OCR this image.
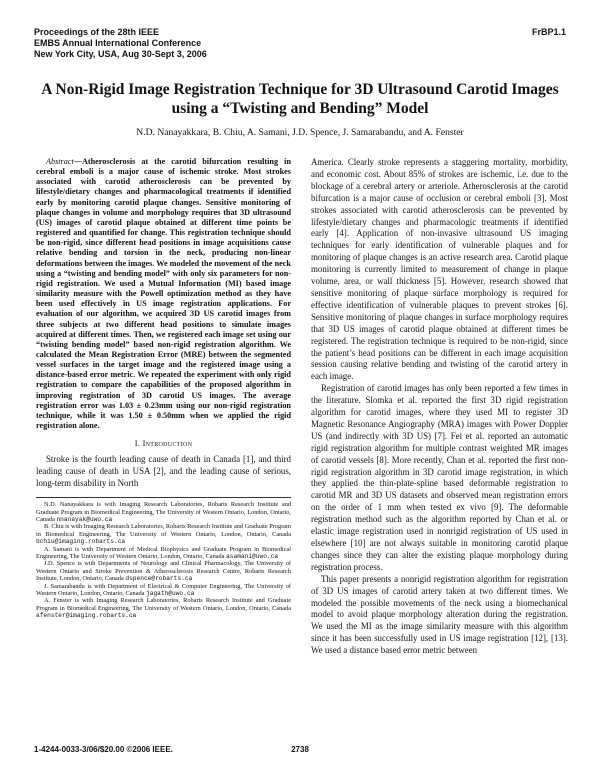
Proceedings of the 28th IEEE
EMBS Annual International Conference
New York City, USA, Aug 30-Sept 3, 2006
FrBP1.1
A Non-Rigid Image Registration Technique for 3D Ultrasound Carotid Images using a “Twisting and Bending” Model
N.D. Nanayakkara, B. Chiu, A. Samani, J.D. Spence, J. Samarabandu, and A. Fenster

Abstract—Atherosclerosis at the carotid bifurcation resulting in cerebral emboli is a major cause of ischemic stroke. Most strokes associated with carotid atherosclerosis can be prevented by lifestyle/dietary changes and pharmacological treatments if identified early by monitoring carotid plaque changes. Sensitive monitoring of plaque changes in volume and morphology requires that 3D ultrasound (US) images of carotid plaque obtained at different time points be registered and quantified for change. This registration technique should be non-rigid, since different head positions in image acquisitions cause relative bending and torsion in the neck, producing non-linear deformations between the images. We modeled the movement of the neck using a “twisting and bending model” with only six parameters for non-rigid registration. We used a Mutual Information (MI) based image similarity measure with the Powell optimization method as they have been used effectively in US image registration applications. For evaluation of our algorithm, we acquired 3D US carotid images from three subjects at two different head positions to simulate images acquired at different times. Then, we registered each image set using our “twisting bending model” based non-rigid registration algorithm. We calculated the Mean Registration Error (MRE) between the segmented vessel surfaces in the target image and the registered image using a distance-based error metric. We repeated the experiment with only rigid registration to compare the capabilities of the proposed algorithm in improving registration of 3D carotid US images. The average registration error was 1.03 ± 0.23mm using our non-rigid registration technique, while it was 1.50 ± 0.50mm when we applied the rigid registration alone.

I. Introduction

Stroke is the fourth leading cause of death in Canada [1], and third leading cause of death in USA [2], and the leading cause of serious, long-term disability in North

N.D. Nanayakkara is with Imaging Research Laboratories, Robarts Research Institute and Graduate Program in Biomedical Engineering, The University of Western Ontario, London, Ontario, Canada nnanayak@uwo.ca

B. Chiu is with Imaging Research Laboratories, Robarts Research Institute and Graduate Program in Biomedical Engineering, The University of Western Ontario, London, Ontario, Canada bchiu@imaging.robarts.ca

A. Samani is with Department of Medical Biophysics and Graduate Program in Biomedical Engineering, The University of Western Ontario, London, Ontario, Canada asamani@uwo.ca

J.D. Spence is with Departments of Neurology and Clinical Pharmacology, The University of Western Ontario and Stroke Prevention & Atherosclerosis Research Centre, Robarts Research Institute, London, Ontario, Canada dspence@robarts.ca

J. Samarabandu is with Department of Electrical & Computer Engineering, The University of Western Ontario, London, Ontario, Canada jagath@uwo.ca

A. Fenster is with Imaging Research Laboratories, Robarts Research Institute and Graduate Program in Biomedical Engineering, The University of Western Ontario, London, Ontario, Canada afenster@imaging.robarts.ca

America. Clearly stroke represents a staggering mortality, morbidity, and economic cost. About 85% of strokes are ischemic, i.e. due to the blockage of a cerebral artery or arteriole. Atherosclerosis at the carotid bifurcation is a major cause of occlusion or cerebral emboli [3]. Most strokes associated with carotid atherosclerosis can be prevented by lifestyle/dietary changes and pharmacologic treatments if identified early [4]. Application of non-invasive ultrasound US imaging techniques for early identification of vulnerable plaques and for monitoring of plaque changes is an active research area. Carotid plaque monitoring is currently limited to measurement of change in plaque volume, area, or wall thickness [5]. However, research showed that sensitive monitoring of plaque surface morphology is required for effective identification of vulnerable plaques to prevent strokes [6]. Sensitive monitoring of plaque changes in surface morphology requires that 3D US images of carotid plaque obtained at different times be registered. The registration technique is required to be non-rigid, since the patient’s head positions can be different in each image acquisition session causing relative bending and twisting of the carotid artery in each image.

Registration of carotid images has only been reported a few times in the literature. Slomka et al. reported the first 3D rigid registration algorithm for carotid images, where they used MI to register 3D Magnetic Resonance Angiography (MRA) images with Power Doppler US (and indirectly with 3D US) [7]. Fei et al. reported an automatic rigid registration algorithm for multiple contrast weighted MR images of carotid vessels [8]. More recently, Chan et al. reported the first non-rigid registration algorithm in 3D carotid image registration, in which they applied the thin-plate-spline based deformable registration to carotid MR and 3D US datasets and observed mean registration errors on the order of 1 mm when tested ex vivo [9]. The deformable registration method such as the algorithm reported by Chan et al. or elastic image registration used in nonrigid registration of US used in elsewhere [10] are not always suitable in monitoring carotid plaque changes since they can alter the existing plaque morphology during registration process.

This paper presents a nonrigid registration algorithm for registration of 3D US images of carotid artery taken at two different times. We modeled the possible movements of the neck using a biomechanical model to avoid plaque morphology alteration during the registration. We used the MI as the image similarity measure with this algorithm since it has been successfully used in US image registration [12], [13]. We used a distance based error metric between

1-4244-0033-3/06/$20.00 ©2006 IEEE.	2738
